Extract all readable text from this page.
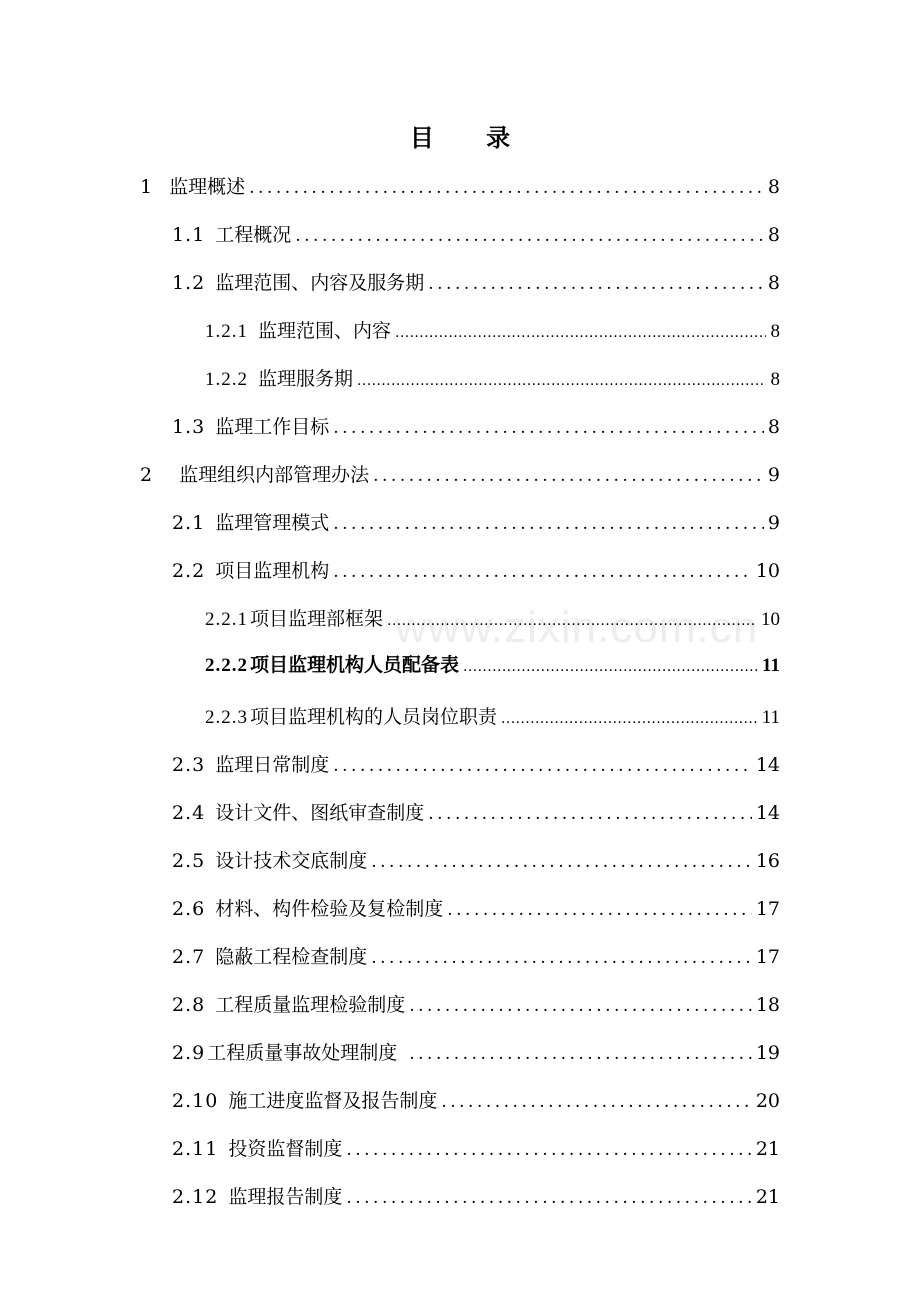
目 录
www.zixin.com.cn
1 监理概述 .....	8
1.1 工程概况 .....	8
1.2 监理范围、内容及服务期 .....	8
1.2.1 监理范围、内容 .....	8
1.2.2 监理服务期 .....	8
1.3 监理工作目标 .....	8
2 监理组织内部管理办法 .....	9
2.1 监理管理模式 .....	9
2.2 项目监理机构 .....	10
2.2.1 项目监理部框架 .....	10
2.2.2 项目监理机构人员配备表 .....	11
2.2.3 项目监理机构的人员岗位职责 .....	11
2.3 监理日常制度 .....	14
2.4 设计文件、图纸审查制度 .....	14
2.5 设计技术交底制度 .....	16
2.6 材料、构件检验及复检制度 .....	17
2.7 隐蔽工程检查制度 .....	17
2.8 工程质量监理检验制度 .....	18
2.9 工程质量事故处理制度 .....	19
2.10 施工进度监督及报告制度 .....	20
2.11 投资监督制度 .....	21
2.12 监理报告制度 .....	21
